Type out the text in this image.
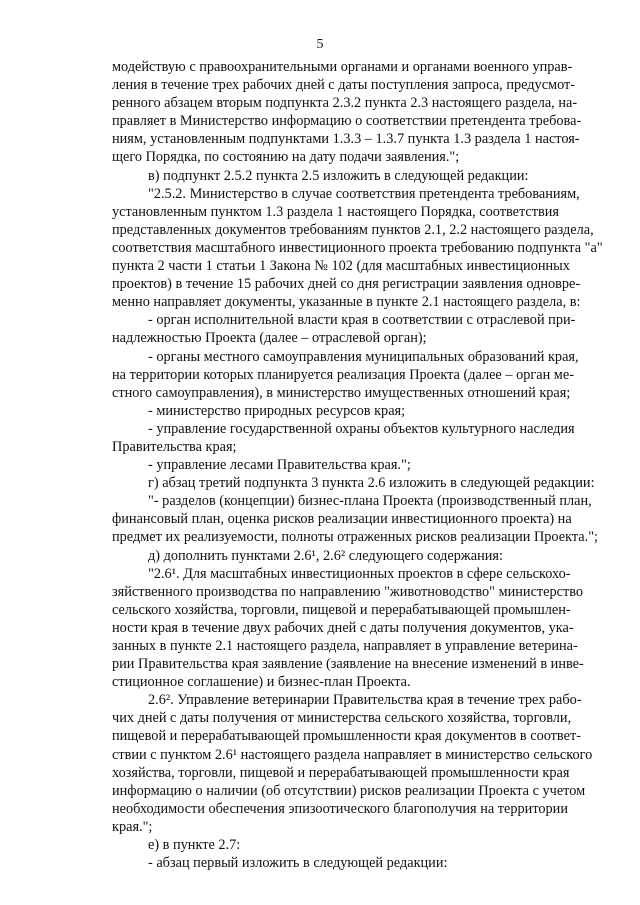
5
модействую с правоохранительными органами и органами военного управ-
ления в течение трех рабочих дней с даты поступления запроса, предусмот-
ренного абзацем вторым подпункта 2.3.2 пункта 2.3 настоящего раздела, на-
правляет в Министерство информацию о соответствии претендента требова-
ниям, установленным подпунктами 1.3.3 – 1.3.7 пункта 1.3 раздела 1 настоя-
щего Порядка, по состоянию на дату подачи заявления.";
в) подпункт 2.5.2 пункта 2.5 изложить в следующей редакции:
"2.5.2. Министерство в случае соответствия претендента требованиям,
установленным пунктом 1.3 раздела 1 настоящего Порядка, соответствия
представленных документов требованиям пунктов 2.1, 2.2 настоящего раздела,
соответствия масштабного инвестиционного проекта требованию подпункта "а"
пункта 2 части 1 статьи 1 Закона № 102 (для масштабных инвестиционных
проектов) в течение 15 рабочих дней со дня регистрации заявления одновре-
менно направляет документы, указанные в пункте 2.1 настоящего раздела, в:
- орган исполнительной власти края в соответствии с отраслевой при-
надлежностью Проекта (далее – отраслевой орган);
- органы местного самоуправления муниципальных образований края,
на территории которых планируется реализация Проекта (далее – орган ме-
стного самоуправления), в министерство имущественных отношений края;
- министерство природных ресурсов края;
- управление государственной охраны объектов культурного наследия
Правительства края;
- управление лесами Правительства края.";
г) абзац третий подпункта 3 пункта 2.6 изложить в следующей редакции:
"- разделов (концепции) бизнес-плана Проекта (производственный план,
финансовый план, оценка рисков реализации инвестиционного проекта) на
предмет их реализуемости, полноты отраженных рисков реализации Проекта.";
д) дополнить пунктами 2.6¹, 2.6² следующего содержания:
"2.6¹. Для масштабных инвестиционных проектов в сфере сельскохо-
зяйственного производства по направлению "животноводство" министерство
сельского хозяйства, торговли, пищевой и перерабатывающей промышлен-
ности края в течение двух рабочих дней с даты получения документов, ука-
занных в пункте 2.1 настоящего раздела, направляет в управление ветерина-
рии Правительства края заявление (заявление на внесение изменений в инве-
стиционное соглашение) и бизнес-план Проекта.
2.6². Управление ветеринарии Правительства края в течение трех рабо-
чих дней с даты получения от министерства сельского хозяйства, торговли,
пищевой и перерабатывающей промышленности края документов в соответ-
ствии с пунктом 2.6¹ настоящего раздела направляет в министерство сельского
хозяйства, торговли, пищевой и перерабатывающей промышленности края
информацию о наличии (об отсутствии) рисков реализации Проекта с учетом
необходимости обеспечения эпизоотического благополучия на территории
края.";
е) в пункте 2.7:
- абзац первый изложить в следующей редакции:
